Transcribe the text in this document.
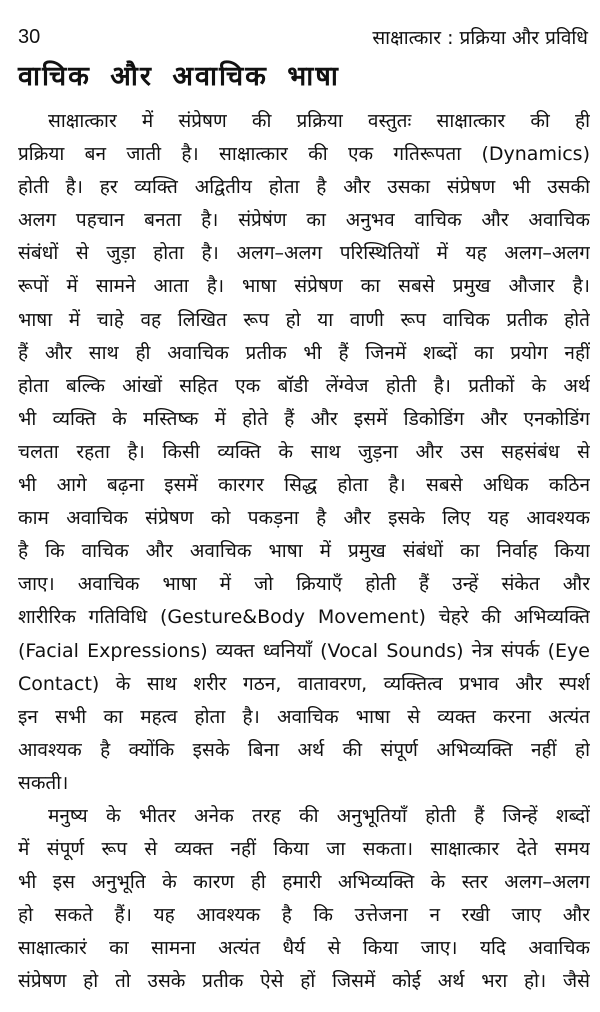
30	साक्षात्कार : प्रक्रिया और प्रविधि
वाचिक और अवाचिक भाषा
साक्षात्कार में संप्रेषण की प्रक्रिया वस्तुतः साक्षात्कार की ही
प्रक्रिया बन जाती है। साक्षात्कार की एक गतिरूपता (Dynamics)
होती है। हर व्यक्ति अद्वितीय होता है और उसका संप्रेषण भी उसकी
अलग पहचान बनता है। संप्रेषंण का अनुभव वाचिक और अवाचिक
संबंधों से जुड़ा होता है। अलग–अलग परिस्थितियों में यह अलग–अलग
रूपों में सामने आता है। भाषा संप्रेषण का सबसे प्रमुख औजार है।
भाषा में चाहे वह लिखित रूप हो या वाणी रूप वाचिक प्रतीक होते
हैं और साथ ही अवाचिक प्रतीक भी हैं जिनमें शब्दों का प्रयोग नहीं
होता बल्कि आंखों सहित एक बॉडी लेंग्वेज होती है। प्रतीकों के अर्थ
भी व्यक्ति के मस्तिष्क में होते हैं और इसमें डिकोडिंग और एनकोडिंग
चलता रहता है। किसी व्यक्ति के साथ जुड़ना और उस सहसंबंध से
भी आगे बढ़ना इसमें कारगर सिद्ध होता है। सबसे अधिक कठिन
काम अवाचिक संप्रेषण को पकड़ना है और इसके लिए यह आवश्यक
है कि वाचिक और अवाचिक भाषा में प्रमुख संबंधों का निर्वाह किया
जाए। अवाचिक भाषा में जो क्रियाएँ होती हैं उन्हें संकेत और
शारीरिक गतिविधि (Gesture&Body Movement) चेहरे की अभिव्यक्ति
(Facial Expressions) व्यक्त ध्वनियाँ (Vocal Sounds) नेत्र संपर्क (Eye
Contact) के साथ शरीर गठन, वातावरण, व्यक्तित्व प्रभाव और स्पर्श
इन सभी का महत्व होता है। अवाचिक भाषा से व्यक्त करना अत्यंत
आवश्यक है क्योंकि इसके बिना अर्थ की संपूर्ण अभिव्यक्ति नहीं हो
सकती।
मनुष्य के भीतर अनेक तरह की अनुभूतियाँ होती हैं जिन्हें शब्दों
में संपूर्ण रूप से व्यक्त नहीं किया जा सकता। साक्षात्कार देते समय
भी इस अनुभूति के कारण ही हमारी अभिव्यक्ति के स्तर अलग–अलग
हो सकते हैं। यह आवश्यक है कि उत्तेजना न रखी जाए और
साक्षात्कारं का सामना अत्यंत धैर्य से किया जाए। यदि अवाचिक
संप्रेषण हो तो उसके प्रतीक ऐसे हों जिसमें कोई अर्थ भरा हो। जैसे
